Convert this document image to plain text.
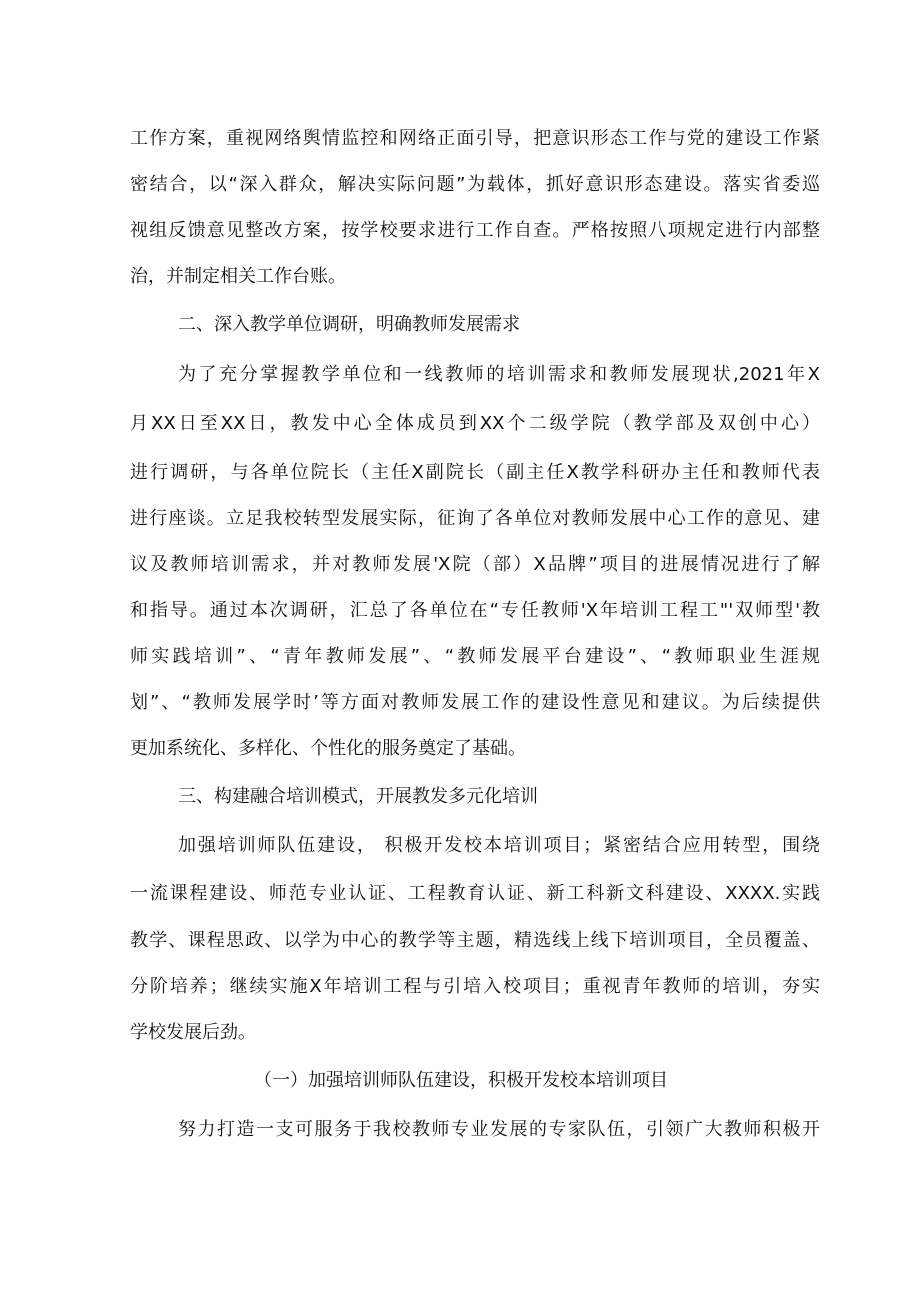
工作方案，重视网络舆情监控和网络正面引导，把意识形态工作与党的建设工作紧
密结合，以“深入群众，解决实际问题”为载体，抓好意识形态建设。落实省委巡
视组反馈意见整改方案，按学校要求进行工作自查。严格按照八项规定进行内部整
治，并制定相关工作台账。
二、深入教学单位调研，明确教师发展需求
为了充分掌握教学单位和一线教师的培训需求和教师发展现状,2021年X
月XX日至XX日，教发中心全体成员到XX个二级学院（教学部及双创中心）
进行调研，与各单位院长（主任X副院长（副主任X教学科研办主任和教师代表
进行座谈。立足我校转型发展实际，征询了各单位对教师发展中心工作的意见、建
议及教师培训需求，并对教师发展'X院（部）X品牌”项目的进展情况进行了解
和指导。通过本次调研，汇总了各单位在“专任教师'X年培训工程工"'双师型'教
师实践培训”、“青年教师发展”、“教师发展平台建设”、“教师职业生涯规
划”、“教师发展学时’等方面对教师发展工作的建设性意见和建议。为后续提供
更加系统化、多样化、个性化的服务奠定了基础。
三、构建融合培训模式，开展教发多元化培训
加强培训师队伍建设， 积极开发校本培训项目；紧密结合应用转型，围绕
一流课程建设、师范专业认证、工程教育认证、新工科新文科建设、XXXX.实践
教学、课程思政、以学为中心的教学等主题，精选线上线下培训项目，全员覆盖、
分阶培养；继续实施X年培训工程与引培入校项目；重视青年教师的培训，夯实
学校发展后劲。
（一）加强培训师队伍建设，积极开发校本培训项目
努力打造一支可服务于我校教师专业发展的专家队伍，引领广大教师积极开
